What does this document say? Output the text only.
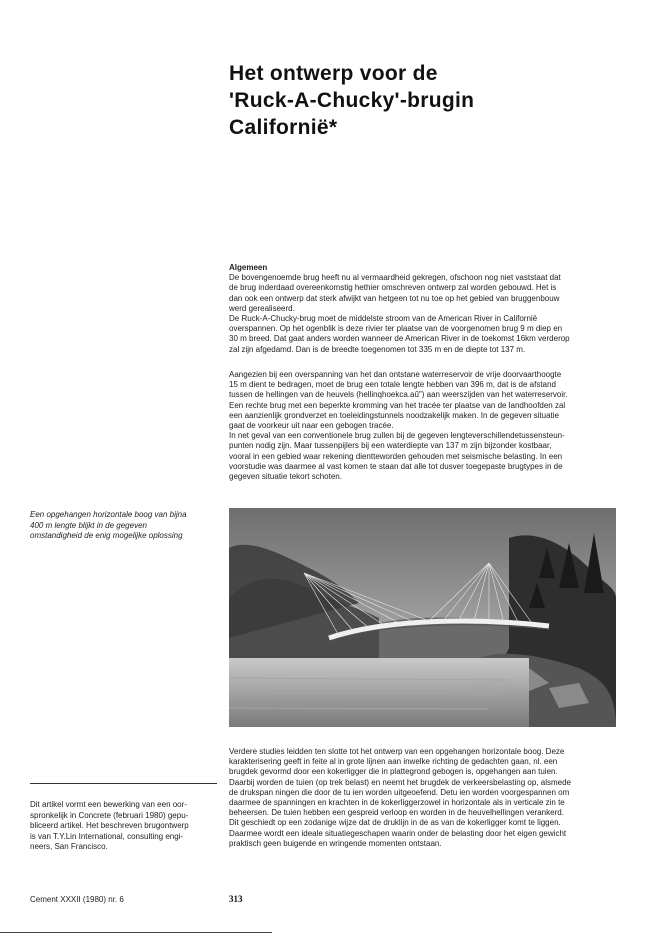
Het ontwerp voor de
'Ruck-A-Chucky'-brugin
Californië*
Algemeen
De bovengenoemde brug heeft nu al vermaardheid gekregen, ofschoon nog niet vaststaat dat
de brug inderdaad overeenkomstig hethier omschreven ontwerp zal worden gebouwd. Het is
dan ook een ontwerp dat sterk afwijkt van hetgeen tot nu toe op het gebied van bruggenbouw
werd gerealiseerd.
De Ruck-A-Chucky-brug moet de middelste stroom van de American River in Californië
overspannen. Op het ogenblik is deze rivier ter plaatse van de voorgenomen brug 9 m diep en
30 m breed. Dat gaat anders worden wanneer de American River in de toekomst 16km verderop
zal zijn afgedamd. Dan is de breedte toegenomen tot 335 m en de diepte tot 137 m.
Aangezien bij een overspanning van het dan ontstane waterreservoir de vrije doorvaarthoogte
15 m dient te bedragen, moet de brug een totale lengte hebben van 396 m, dat is de afstand
tussen de hellingen van de heuvels (hellinqhoekca.aû") aan weerszijden van het waterreservoir.
Een rechte brug met een beperkte kromming van het tracée ter plaatse van de landhoofden zal
een aanzienlijk grondverzet en toeleidingstunnels noodzakelijk maken. In de gegeven situatie
gaat de voorkeur uit naar een gebogen tracée.
In net geval van een conventionele brug zullen bij de gegeven lengteverschillendetussensteun-
punten nodig zijn. Maar tussenpijlers bij een waterdiepte van 137 m zijn bijzonder kostbaar,
vooral in een gebied waar rekening dientteworden gehouden met seismische belasting. In een
voorstudie was daarmee al vast komen te staan dat alle tot dusver toegepaste brugtypes in de
gegeven situatie tekort schoten.
Een opgehangen horizontale boog van bijna
400 m lengte blijkt in de gegeven
omstandigheid de enig mogelijke oplossing
Verdere studies leidden ten slotte tot het ontwerp van een opgehangen horizontale boog. Deze
karakterisering geeft in feite al in grote lijnen aan inwelke richting de gedachten gaan, nl. een
brugdek gevormd door een kokerligger die in plattegrond gebogen is, opgehangen aan tuien.
Daarbij worden de tuien (op trek belast) en neemt het brugdek de verkeersbelasting op, alsmede
de drukspan ningen die door de tu ien worden uitgeoefend. Detu ien worden voorgespannen om
daarmee de spanningen en krachten in de kokerliggerzowel in horizontale als in verticale zin te
beheersen. De tuien hebben een gespreid verloop en worden in de heuvelhellingen verankerd.
Dit geschiedt op een zodanige wijze dat de druklijn in de as van de kokerligger komt te liggen.
Daarmee wordt een ideale situatiegeschapen waarin onder de belasting door het eigen gewicht
praktisch geen buigende en wringende momenten ontstaan.
Dit artikel vormt een bewerking van een oor-
spronkelijk in Concrete (februari 1980) gepu-
bliceerd artikel. Het beschreven brugontwerp
is van T.Y.Lin International, consulting engi-
neers, San Francisco.
Cement XXXII (1980) nr. 6	313
